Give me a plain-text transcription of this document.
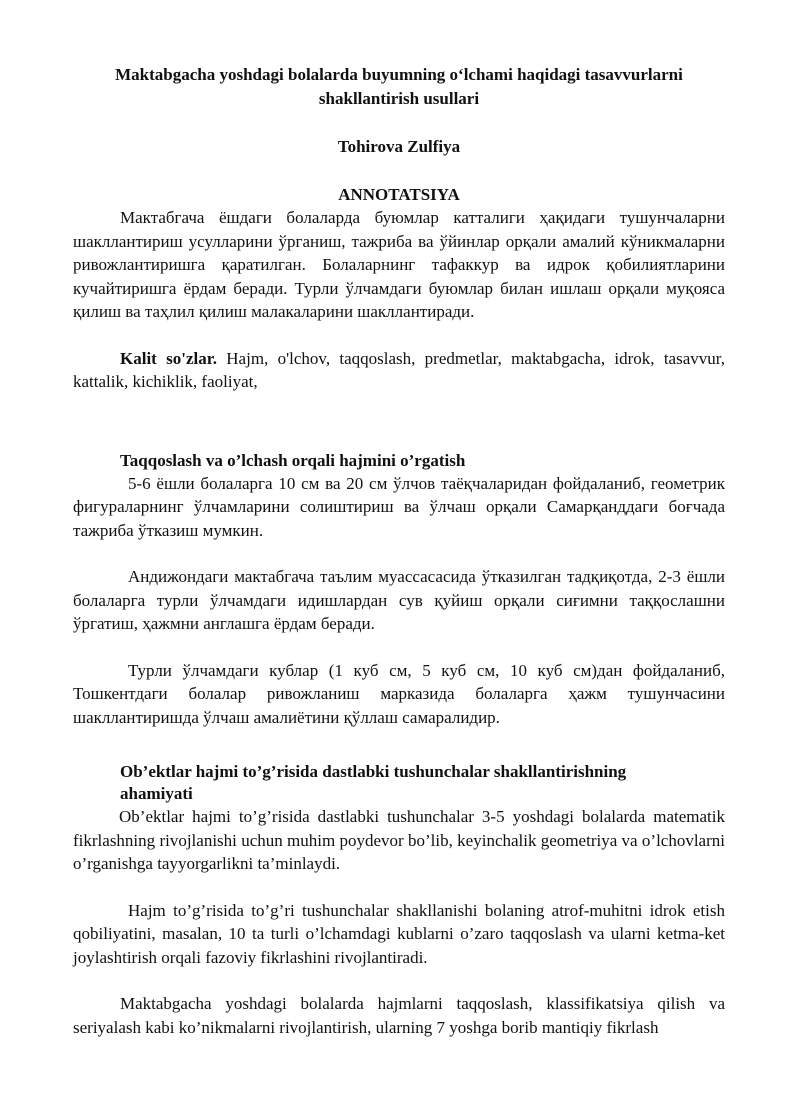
Maktabgacha yoshdagi bolalarda buyumning o‘lchami haqidagi tasavvurlarni shakllantirish usullari

Tohirova Zulfiya

ANNOTATSIYA

Мактабгача ёшдаги болаларда буюмлар катталиги ҳақидаги тушунчаларни шакллантириш усулларини ўрганиш, тажриба ва ўйинлар орқали амалий кўникмаларни ривожлантиришга қаратилган. Болаларнинг тафаккур ва идрок қобилиятларини кучайтиришга ёрдам беради. Турли ўлчамдаги буюмлар билан ишлаш орқали муқояса қилиш ва таҳлил қилиш малакаларини шакллантиради.

Kalit so'zlar. Hajm, o'lchov, taqqoslash, predmetlar, maktabgacha, idrok, tasavvur, kattalik, kichiklik, faoliyat,

Taqqoslash va o’lchash orqali hajmini o’rgatish

5-6 ёшли болаларга 10 см ва 20 см ўлчов таёқчаларидан фойдаланиб, геометрик фигураларнинг ўлчамларини солиштириш ва ўлчаш орқали Самарқанддаги боғчада тажриба ўтказиш мумкин.

Андижондаги мактабгача таълим муассасасида ўтказилган тадқиқотда, 2-3 ёшли болаларга турли ўлчамдаги идишлардан сув қуйиш орқали сиғимни таққослашни ўргатиш, ҳажмни англашга ёрдам беради.

Турли ўлчамдаги кублар (1 куб см, 5 куб см, 10 куб см)дан фойдаланиб, Тошкентдаги болалар ривожланиш марказида болаларга ҳажм тушунчасини шакллантиришда ўлчаш амалиётини қўллаш самаралидир.

Ob’ektlar hajmi to’g’risida dastlabki tushunchalar shakllantirishning ahamiyati

Ob’ektlar hajmi to’g’risida dastlabki tushunchalar 3-5 yoshdagi bolalarda matematik fikrlashning rivojlanishi uchun muhim poydevor bo’lib, keyinchalik geometriya va o’lchovlarni o’rganishga tayyorgarlikni ta’minlaydi.

Hajm to’g’risida to’g’ri tushunchalar shakllanishi bolaning atrof-muhitni idrok etish qobiliyatini, masalan, 10 ta turli o’lchamdagi kublarni o’zaro taqqoslash va ularni ketma-ket joylashtirish orqali fazoviy fikrlashini rivojlantiradi.

Maktabgacha yoshdagi bolalarda hajmlarni taqqoslash, klassifikatsiya qilish va seriyalash kabi ko’nikmalarni rivojlantirish, ularning 7 yoshga borib mantiqiy fikrlash
